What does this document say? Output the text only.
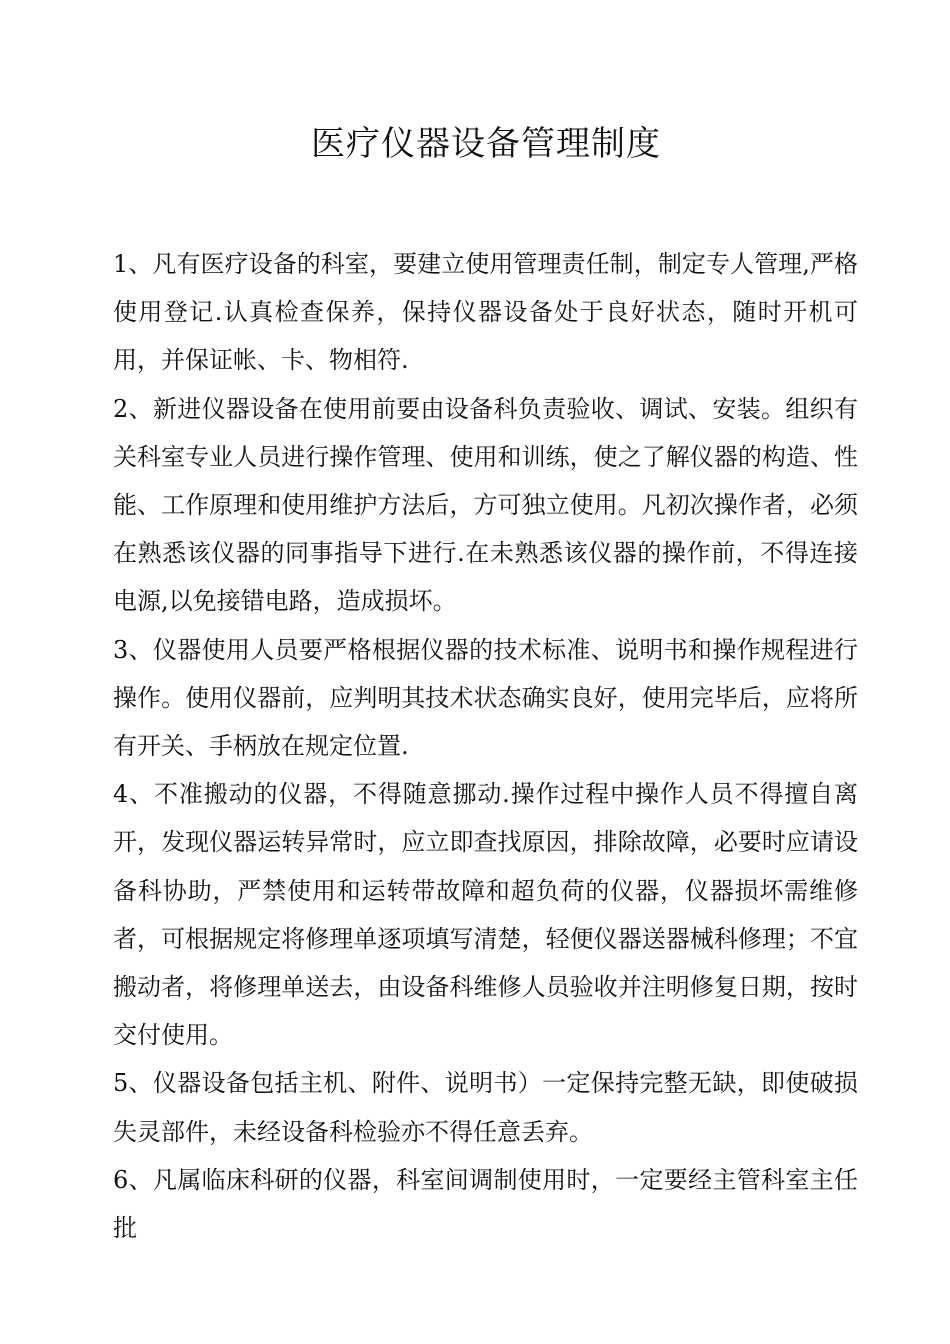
医疗仪器设备管理制度

1、凡有医疗设备的科室，要建立使用管理责任制，制定专人管理,严格使用登记.认真检查保养，保持仪器设备处于良好状态，随时开机可用，并保证帐、卡、物相符.

2、新进仪器设备在使用前要由设备科负责验收、调试、安装。组织有关科室专业人员进行操作管理、使用和训练，使之了解仪器的构造、性能、工作原理和使用维护方法后，方可独立使用。凡初次操作者，必须在熟悉该仪器的同事指导下进行.在未熟悉该仪器的操作前，不得连接电源,以免接错电路，造成损坏。

3、仪器使用人员要严格根据仪器的技术标准、说明书和操作规程进行操作。使用仪器前，应判明其技术状态确实良好，使用完毕后，应将所有开关、手柄放在规定位置.

4、不准搬动的仪器，不得随意挪动.操作过程中操作人员不得擅自离开，发现仪器运转异常时，应立即查找原因，排除故障，必要时应请设备科协助，严禁使用和运转带故障和超负荷的仪器，仪器损坏需维修者，可根据规定将修理单逐项填写清楚，轻便仪器送器械科修理；不宜搬动者，将修理单送去，由设备科维修人员验收并注明修复日期，按时交付使用。

5、仪器设备包括主机、附件、说明书）一定保持完整无缺，即使破损失灵部件，未经设备科检验亦不得任意丢弃。

6、凡属临床科研的仪器，科室间调制使用时，一定要经主管科室主任批
